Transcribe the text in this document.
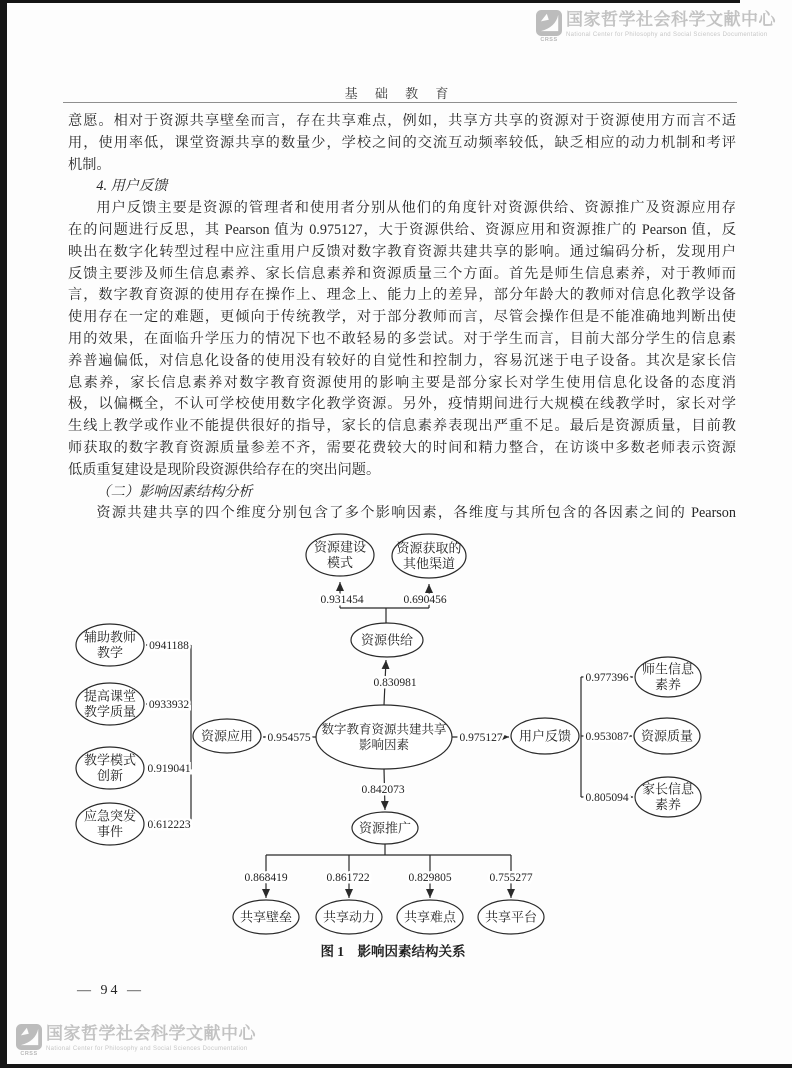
CRSS
国家哲学社会科学文献中心
National Center for Philosophy and Social Sciences Documentation
基 础 教 育
意愿。相对于资源共享壁垒而言，存在共享难点，例如，共享方共享的资源对于资源使用方而言不适
用，使用率低，课堂资源共享的数量少，学校之间的交流互动频率较低，缺乏相应的动力机制和考评
机制。
4. 用户反馈
用户反馈主要是资源的管理者和使用者分别从他们的角度针对资源供给、资源推广及资源应用存
在的问题进行反思，其 Pearson 值为 0.975127，大于资源供给、资源应用和资源推广的 Pearson 值，反
映出在数字化转型过程中应注重用户反馈对数字教育资源共建共享的影响。通过编码分析，发现用户
反馈主要涉及师生信息素养、家长信息素养和资源质量三个方面。首先是师生信息素养，对于教师而
言，数字教育资源的使用存在操作上、理念上、能力上的差异，部分年龄大的教师对信息化教学设备
使用存在一定的难题，更倾向于传统教学，对于部分教师而言，尽管会操作但是不能准确地判断出使
用的效果，在面临升学压力的情况下也不敢轻易的多尝试。对于学生而言，目前大部分学生的信息素
养普遍偏低，对信息化设备的使用没有较好的自觉性和控制力，容易沉迷于电子设备。其次是家长信
息素养，家长信息素养对数字教育资源使用的影响主要是部分家长对学生使用信息化设备的态度消
极，以偏概全，不认可学校使用数字化教学资源。另外，疫情期间进行大规模在线教学时，家长对学
生线上教学或作业不能提供很好的指导，家长的信息素养表现出严重不足。最后是资源质量，目前教
师获取的数字教育资源质量参差不齐，需要花费较大的时间和精力整合，在访谈中多数老师表示资源
低质重复建设是现阶段资源供给存在的突出问题。
（二）影响因素结构分析
资源共建共享的四个维度分别包含了多个影响因素，各维度与其所包含的各因素之间的 Pearson
资源建设模式
资源获取的其他渠道
资源供给
数字教育资源共建共享影响因素
资源应用
辅助教师教学
提高课堂教学质量
教学模式创新
应急突发事件
用户反馈
师生信息素养
资源质量
家长信息素养
资源推广
共享壁垒 共享动力 共享难点 共享平台
0.931454	0.690456
0.830981
0.954575	0.975127
0.842073
0941188
0933932
0.919041
0.612223
0.977396
0.953087
0.805094
0.868419	0.861722	0.829805	0.755277
图 1　影响因素结构关系
— 94 —
CRSS
国家哲学社会科学文献中心
National Center for Philosophy and Social Sciences Documentation
